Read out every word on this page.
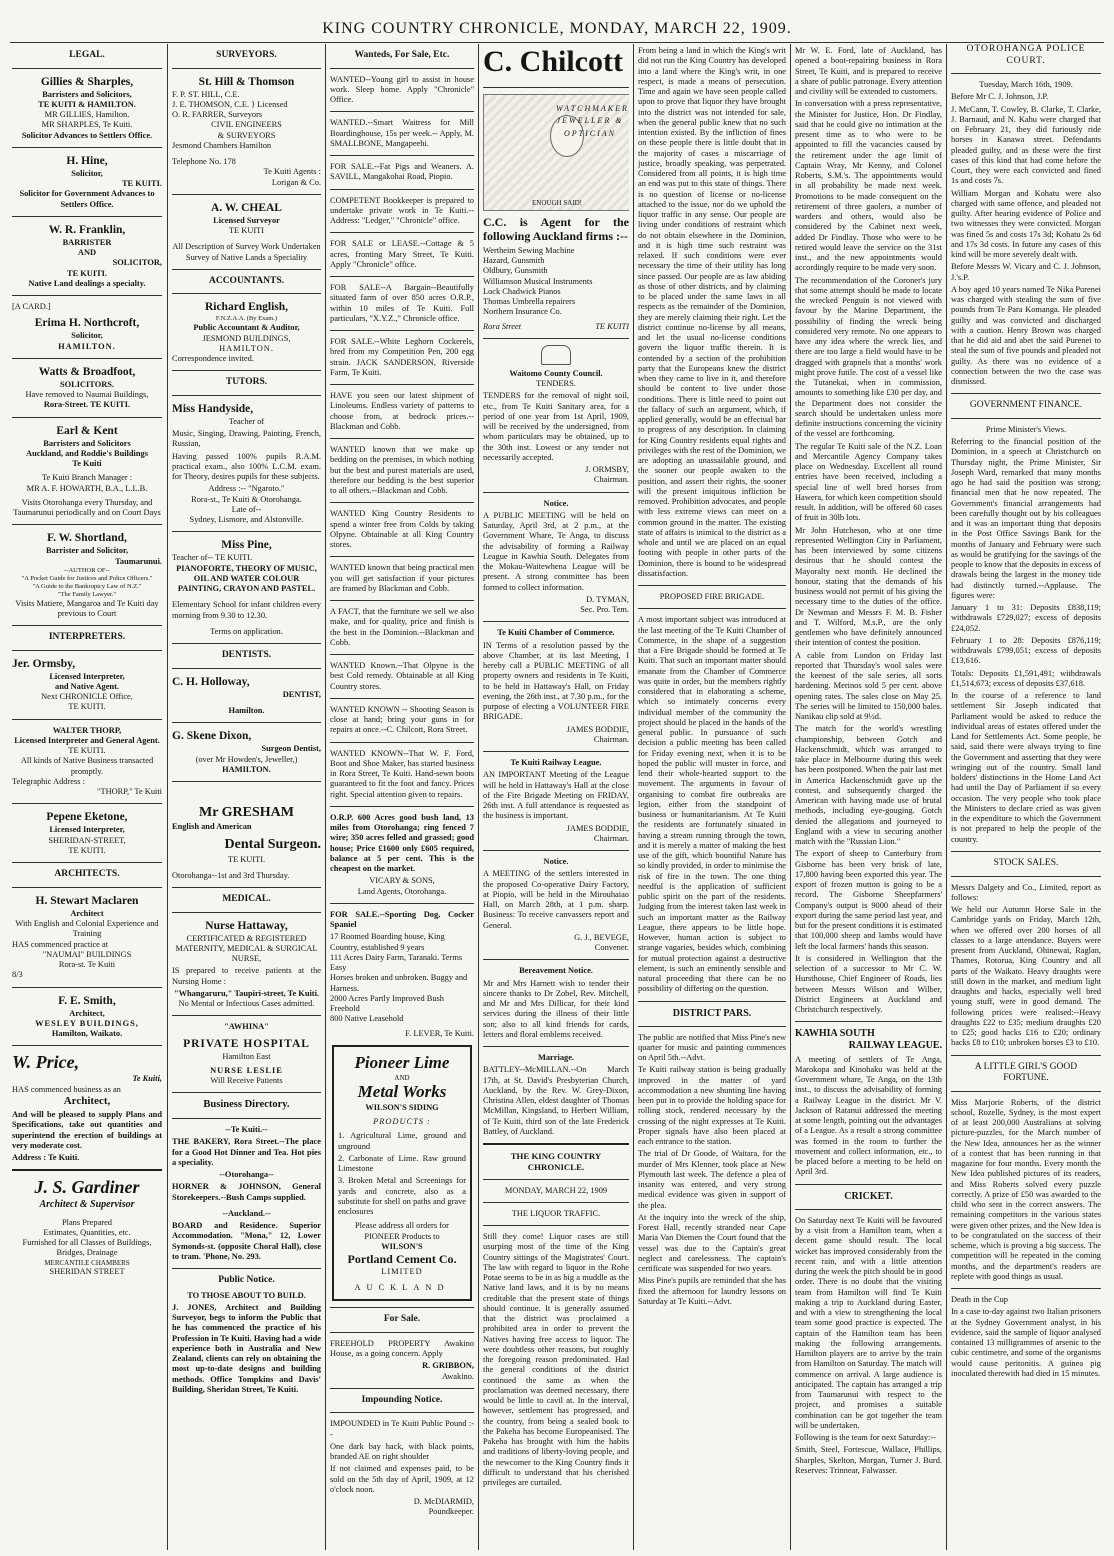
KING COUNTRY CHRONICLE, MONDAY, MARCH 22, 1909.
LEGAL.
Gillies & Sharples,
Barristers and Solicitors,
TE KUITI & HAMILTON.
MR GILLIES, Hamilton.
MR SHARPLES, Te Kuiti.
Solicitor Advances to Settlers Office.
H. Hine,
Solicitor,
TE KUITI.
Solicitor for Government Advances to Settlers Office.
W. R. Franklin,
BARRISTER
AND
SOLICITOR,
TE KUITI.
Native Land dealings a specialty.
[A CARD.]
Erima H. Northcroft,
Solicitor,
HAMILTON.
Watts & Broadfoot,
SOLICITORS.
Have removed to Naumai Buildings,
Rora-Street. TE KUITI.
Earl & Kent
Barristers and Solicitors
Auckland, and Roddie's Buildings
Te Kuiti
Te Kuiti Branch Manager :
MR A. F. HOWARTH, B.A., L.L.B.
Visits Otorohanga every Thursday, and Taumarunui periodically and on Court Days
F. W. Shortland,
Barrister and Solicitor,
Taumarunui.
--AUTHOR OF--
"A Pocket Guide for Justices and Police Officers."
"A Guide to the Bankruptcy Law of N.Z."
"The Family Lawyer."
Visits Matiere, Mangaroa and Te Kuiti day previous to Court
INTERPRETERS.
Jer. Ormsby,
Licensed Interpreter,
and Native Agent.
Next CHRONICLE Office,
TE KUITI.
WALTER THORP,
Licensed Interpreter and General Agent.
TE KUITI.
All kinds of Native Business transacted promptly.
Telegraphic Address :
"THORP," Te Kuiti
Pepene Eketone,
Licensed Interpreter,
SHERIDAN-STREET,
TE KUITI.
ARCHITECTS.
H. Stewart Maclaren
Architect
With English and Colonial Experience and Training
HAS commenced practice at
"NAUMAI" BUILDINGS
Rora-st. Te Kuiti
8/3
F. E. Smith,
Architect,
WESLEY BUILDINGS,
Hamilton, Waikato.
W. Price,
Te Kuiti,
HAS commenced business as an
Architect,

And will be pleased to supply Plans and Specifications, take out quantities and superintend the erection of buildings at very moderate cost.

Address : Te Kuiti.
J. S. Gardiner
Architect & Supervisor
Plans Prepared
Estimates, Quantities, etc.
Furnished for all Classes of Buildings, Bridges, Drainage
MERCANTILE CHAMBERS
SHERIDAN STREET
SURVEYORS.
St. Hill & Thomson
F. P. ST. HILL, C.E.
J. E. THOMSON, C.E. } Licensed
O. R. FARRER, Surveyors
CIVIL ENGINEERS
& SURVEYORS
Jesmond Chambers Hamilton
Telephone No. 178
Te Kuiti Agents :
Lorigan & Co.
A. W. CHEAL
Licensed Surveyor
TE KUITI
All Description of Survey Work Undertaken
Survey of Native Lands a Speciality
ACCOUNTANTS.
Richard English,
F.N.Z.A.A. (By Exam.)
Public Accountant & Auditor,
JESMOND BUILDINGS,
HAMILTON.
Correspondence invited.
TUTORS.
Miss Handyside,
Teacher of

Music, Singing, Drawing, Painting, French, Russian,

Having passed 100% pupils R.A.M. practical exam., also 100% L.C.M. exam. for Theory, desires pupils for these subjects.

Address :-- "Ngaroto."
Rora-st., Te Kuiti & Otorohanga.
Late of--
Sydney, Lismore, and Alstonville.
Miss Pine,
Teacher of-- TE KUITI.
PIANOFORTE, THEORY OF MUSIC, OIL AND WATER COLOUR PAINTING, CRAYON AND PASTEL.

Elementary School for infant children every morning from 9.30 to 12.30.

Terms on application.
DENTISTS.
C. H. Holloway,
DENTIST,
Hamilton.
G. Skene Dixon,
Surgeon Dentist,
(over Mr Howden's, Jeweller,)
HAMILTON.
Mr GRESHAM
English and American
Dental Surgeon.
TE KUITI.
Otorohanga--1st and 3rd Thursday.
MEDICAL.
Nurse Hattaway,
CERTIFICATED & REGISTERED
MATERNITY, MEDICAL & SURGICAL NURSE,

IS prepared to receive patients at the Nursing Home :

"Whangaruru," Taupiri-street, Te Kuiti.
No Mental or Infectious Cases admitted.
"AWHINA"
PRIVATE HOSPITAL
Hamilton East
NURSE LESLIE
Will Receive Patients
Business Directory.
--Te Kuiti.--

THE BAKERY, Rora Street.--The place for a Good Hot Dinner and Tea. Hot pies a speciality.

--Otorohanga--

HORNER & JOHNSON, General Storekeepers.--Bush Camps supplied.

--Auckland.--

BOARD and Residence. Superior Accommodation. "Mona," 12, Lower Symonds-st. (opposite Choral Hall), close to tram. 'Phone, No. 293.

Public Notice.
TO THOSE ABOUT TO BUILD.

J. JONES, Architect and Building Surveyor, begs to inform the Public that he has commenced the practice of his Profession in Te Kuiti. Having had a wide experience both in Australia and New Zealand, clients can rely on obtaining the most up-to-date designs and building methods. Office Tompkins and Davis' Building, Sheridan Street, Te Kuiti.

Wanteds, For Sale, Etc.

WANTED--Young girl to assist in house work. Sleep home. Apply "Chronicle" Office.

WANTED.--Smart Waitress for Mill Boardinghouse, 15s per week.-- Apply, M. SMALLBONE, Mangapeehi.

FOR SALE.--Fat Pigs and Weaners. A. SAVILL, Mangakohai Road, Piopio.

COMPETENT Bookkeeper is prepared to undertake private work in Te Kuiti.-- Address: "Ledger," "Chronicle" office.

FOR SALE or LEASE.--Cottage & 5 acres, fronting Mary Street, Te Kuiti. Apply "Chronicle" office.

FOR SALE--A Bargain--Beautifully situated farm of over 850 acres O.R.P., within 10 miles of Te Kuiti. Full particulars, "X.Y.Z.," Chronicle office.

FOR SALE.--White Leghorn Cockerels, bred from my Competition Pen, 200 egg strain. JACK SANDERSON, Riverside Farm, Te Kuiti.

HAVE you seen our latest shipment of Linoleums. Endless variety of patterns to choose from, at bedrock prices.--Blackman and Cobb.

WANTED known that we make up bedding on the premises, in which nothing but the best and purest materials are used, therefore our bedding is the best superior to all others.--Blackman and Cobb.

WANTED King Country Residents to spend a winter free from Colds by taking Olpyne. Obtainable at all King Country stores.

WANTED known that being practical men you will get satisfaction if your pictures are framed by Blackman and Cobb.

A FACT, that the furniture we sell we also make, and for quality, price and finish is the best in the Dominion.--Blackman and Cobb.

WANTED Known.--That Olpyne is the best Cold remedy. Obtainable at all King Country stores.

WANTED KNOWN -- Shooting Season is close at hand; bring your guns in for repairs at once.--C. Chilcott, Rora Street.

WANTED KNOWN--That W. F. Ford, Boot and Shoe Maker, has started business in Rora Street, Te Kuiti. Hand-sewn boots guaranteed to fit the foot and fancy. Prices right. Special attention given to repairs.

O.R.P. 600 Acres good bush land, 13 miles from Otorohanga; ring fenced 7 wire; 350 acres felled and grassed; good house; Price £1600 only £605 required, balance at 5 per cent. This is the cheapest on the market.

VICARY & SONS,
Land Agents, Otorohanga.

FOR SALE.--Sporting Dog, Cocker Spaniel

17 Roomed Boarding house, King Country, established 9 years
111 Acres Dairy Farm, Taranaki. Terms Easy
Horses broken and unbroken. Buggy and Harness.
2000 Acres Partly Improved Bush Freehold
800 Native Leasehold
F. LEVER, Te Kuiti.
Pioneer Lime
AND
Metal Works
WILSON'S SIDING
PRODUCTS :

1. Agricultural Lime, ground and unground

2. Carbonate of Lime. Raw ground Limestone

3. Broken Metal and Screenings for yards and concrete, also as a substitute for shell on paths and grave enclosures

Please address all orders for PIONEER Products to
WILSON'S
Portland Cement Co.
LIMITED
AUCKLAND
For Sale.

FREEHOLD PROPERTY Awakino House, as a going concern. Apply

R. GRIBBON,
Awakino.
Impounding Notice.

IMPOUNDED in Te Kuiti Public Pound :--

One dark bay hack, with black points, branded AE on right shoulder

If not claimed and expenses paid, to be sold on the 5th day of April, 1909, at 12 o'clock noon.

D. McDIARMID,
Poundkeeper.
C. Chilcott
WATCHMAKER
JEWELLER &
OPTICIAN
ENOUGH SAID!

C.C. is Agent for the following Auckland firms :--

Wertheim Sewing Machine
Hazard, Gunsmith
Oldbury, Gunsmith
Williamson Musical Instruments
Lock Chadwick Pianos
Thomas Umbrella repairers
Northern Insurance Co.
Rora Street	TE KUITI
Waitomo County Council.
TENDERS.

TENDERS for the removal of night soil, etc., from Te Kuiti Sanitary area, for a period of one year from 1st April, 1909, will be received by the undersigned, from whom particulars may be obtained, up to the 30th inst. Lowest or any tender not necessarily accepted.

J. ORMSBY,
Chairman.
Notice.

A PUBLIC MEETING will be held on Saturday, April 3rd, at 2 p.m., at the Government Whare, Te Anga, to discuss the advisability of forming a Railway League in Kawhia South. Delegates from the Mokau-Waitewhena League will be present. A strong committee has been formed to collect information.

D. TYMAN,
Sec. Pro. Tem.
Te Kuiti Chamber of Commerce.

IN Terms of a resolution passed by the above Chamber, at its last Meeting, I hereby call a PUBLIC MEETING of all property owners and residents in Te Kuiti, to be held in Hattaway's Hall, on Friday evening, the 26th inst., at 7.30 p.m., for the purpose of electing a VOLUNTEER FIRE BRIGADE.

JAMES BODDIE,
Chairman.
Te Kuiti Railway League.

AN IMPORTANT Meeting of the League will be held in Hattaway's Hall at the close of the Fire Brigade Meeting on FRIDAY, 26th inst. A full attendance is requested as the business is important.

JAMES BODDIE,
Chairman.
Notice.

A MEETING of the settlers interested in the proposed Co-operative Dairy Factory, at Piopio, will be held in the Mirouhaiao Hall, on March 28th, at 1 p.m. sharp. Business: To receive canvassers report and General.

G. J., BEVEGE,
Convener.
Bereavement Notice.

Mr and Mrs Harnett wish to tender their sincere thanks to Dr Zobel, Rev. Mitchell, and Mr and Mrs Dillicar, for their kind services during the illness of their little son; also to all kind friends for cards, letters and floral emblems received.

Marriage.

BATTLEY--McMILLAN.--On March 17th, at St. David's Presbyterian Church, Auckland, by the Rev. W. Grey-Dixon, Christina Allen, eldest daughter of Thomas McMillan, Kingsland, to Herbert William, of Te Kuiti, third son of the late Frederick Battley, of Auckland.

THE KING COUNTRY CHRONICLE.
MONDAY, MARCH 22, 1909
THE LIQUOR TRAFFIC.

Still they come! Liquor cases are still usurping most of the time of the King Country sittings of the Magistrates' Court. The law with regard to liquor in the Rohe Potae seems to be in as big a muddle as the Native land laws, and it is by no means creditable that the present state of things should continue. It is generally assumed that the district was proclaimed a prohibited area in order to prevent the Natives having free access to liquor. The were doubtless other reasons, but roughly the foregoing reason predominated. Had the general conditions of the district continued the same as when the proclamation was deemed necessary, there would be little to cavil at. In the interval, however, settlement has progressed, and the country, from being a sealed book to the Pakeha has become Europeanised. The Pakeha has brought with him the habits and traditions of liberty-loving people, and the newcomer to the King Country finds it difficult to understand that his cherished privileges are curtailed.

From being a land in which the King's writ did not run the King Country has developed into a land where the King's writ, in one respect, is made a means of persecution. Time and again we have seen people called upon to prove that liquor they have brought into the district was not intended for sale, when the general public knew that no such intention existed. By the infliction of fines on these people there is little doubt that in the majority of cases a miscarriage of justice, broadly speaking, was perpetrated. Considered from all points, it is high time an end was put to this state of things. There is no question of license or no-license attached to the issue, nor do we uphold the liquor traffic in any sense. Our people are living under conditions of restraint which do not obtain elsewhere in the Dominion, and it is high time such restraint was relaxed. If such conditions were ever necessary the time of their utility has long since passed. Our people are as law abiding as those of other districts, and by claiming to be placed under the same laws in all respects as the remainder of the Dominion, they are merely claiming their right. Let the district continue no-license by all means, and let the usual no-license conditions govern the liquor traffic therein. It is contended by a section of the prohibition party that the Europeans knew the district when they came to live in it, and therefore should be content to live under those conditions. There is little need to point out the fallacy of such an argument, which, if applied generally, would be an effectual bar to progress of any description. In claiming for King Country residents equal rights and privileges with the rest of the Dominion, we are adopting an unassailable ground, and the sooner our people awaken to the position, and assert their rights, the sooner will the present iniquitous infliction be removed. Prohibition advocates, and people with less extreme views can meet on a common ground in the matter. The existing state of affairs is inimical to the district as a whole and until we are placed on an equal footing with people in other parts of the Dominion, there is bound to be widespread dissatisfaction.

PROPOSED FIRE BRIGADE.

A most important subject was introduced at the last meeting of the Te Kuiti Chamber of Commerce, in the shape of a suggestion that a Fire Brigade should be formed at Te Kuiti. That such an important matter should emanate from the Chamber of Commerce was quite in order, but the members rightly considered that in elaborating a scheme, which so intimately concerns every individual member of the community the project should be placed in the hands of the general public. In pursuance of such decision a public meeting has been called for Friday evening next, when it is to be hoped the public will muster in force, and lend their whole-hearted support to the movement. The arguments in favour of organising to combat fire outbreaks are legion, either from the standpoint of business or humanitarianism. At Te Kuiti the residents are fortunately situated in having a stream running through the town, and it is merely a matter of making the best use of the gift, which bountiful Nature has so kindly provided, in order to minimise the risk of fire in the town. The one thing needful is the application of sufficient public spirit on the part of the residents. Judging from the interest taken last week in such an important matter as the Railway League, there appears to be little hope. However, human action is subject to strange vagaries, besides which, combining for mutual protection against a destructive element, is such an eminently sensible and natural proceeding that there can be no possibility of differing on the question.

DISTRICT PARS.

The public are notified that Miss Pine's new quarter for music and painting commences on April 5th.--Advt.

Te Kuiti railway station is being gradually improved in the matter of yard accommodation a new shunting line having been put in to provide the holding space for rolling stock, rendered necessary by the crossing of the night expresses at Te Kuiti. Proper signals have also been placed at each entrance to the station.

The trial of Dr Goode, of Waitara, for the murder of Mrs Klenner, took place at New Plymouth last week. The defence a plea of insanity was entered, and very strong medical evidence was given in support of the plea.

At the inquiry into the wreck of the ship, Forest Hall, recently stranded near Cape Maria Van Diemen the Court found that the vessel was due to the Captain's great neglect and carelessness. The captain's certificate was suspended for two years.

Miss Pine's pupils are reminded that she has fixed the afternoon for laundry lessons on Saturday at Te Kuiti.--Advt.

Mr W. E. Ford, late of Auckland, has opened a boot-repairing business in Rora Street, Te Kuiti, and is prepared to receive a share of public patronage. Every attention and civility will be extended to customers.

In conversation with a press representative, the Minister for Justice, Hon. Dr Findlay, said that he could give no intimation at the present time as to who were to be appointed to fill the vacancies caused by the retirement under the age limit of Captain Wray, Mr Kenny, and Colonel Roberts, S.M.'s. The appointments would in all probability be made next week. Promotions to be made consequent on the retirement of three gaolers, a number of warders and others, would also be considered by the Cabinet next week, added Dr Findlay. Those who were to be retired would leave the service on the 31st inst., and the new appointments would accordingly require to be made very soon.

The recommendation of the Coroner's jury that some attempt should be made to locate the wrecked Penguin is not viewed with favour by the Marine Department, the possibility of finding the wreck being considered very remote. No one appears to have any idea where the wreck lies, and there are too large a field would have to be dragged with grapnels that a months' work might prove futile. The cost of a vessel like the Tutanekai, when in commission, amounts to something like £30 per day, and the Department does not consider the search should be undertaken unless more definite instructions concerning the vicinity of the vessel are forthcoming.

The regular Te Kuiti sale of the N.Z. Loan and Mercantile Agency Company takes place on Wednesday. Excellent all round entries have been received, including a special line of well bred horses from Hawera, for which keen competition should result. In addition, will be offered 60 cases of fruit in 30lb lots.

Mr John Hutcheson, who at one time represented Wellington City in Parliament, has been interviewed by some citizens desirous that he should contest the Mayoralty next month. He declined the honour, stating that the demands of his business would not permit of his giving the necessary time to the duties of the office. Dr Newman and Messrs F. M. B. Fisher and T. Wilford, M.s.P., are the only gentlemen who have definitely announced their intention of contest the position.

A cable from London on Friday last reported that Thursday's wool sales were the keenest of the sale series, all sorts hardening. Merinos sold 5 per cent. above opening rates. The sales close on May 25. The series will be limited to 150,000 bales. Nanikau clip sold at 9½d.

The match for the world's wrestling championship, between Gotch and Hackenschmidt, which was arranged to take place in Melbourne during this week has been postponed. When the pair last met in America Hackenschmidt gave up the contest, and subsequently charged the American with having made use of brutal methods, including eye-gouging. Gotch denied the allegations and journeyed to England with a view to securing another match with the "Russian Lion."

The export of sheep to Canterbury from Gisborne has been very brisk of late, 17,800 having been exported this year. The export of frozen mutton is going to be a record. The Gisborne Sheepfarmers' Company's output is 9000 ahead of their export during the same period last year, and but for the present conditions it is estimated that 100,000 sheep and lambs would have left the local farmers' hands this season.

It is considered in Wellington that the selection of a successor to Mr C. W. Hursthouse, Chief Engineer of Roads, lies between Messrs Wilson and Wilber, District Engineers at Auckland and Christchurch respectively.

KAWHIA SOUTH
RAILWAY LEAGUE.

A meeting of settlers of Te Anga, Marokopa and Kinohaku was held at the Government whare, Te Anga, on the 13th inst., to discuss the advisability of forming a Railway League in the district. Mr V. Jackson of Ratanui addressed the meeting at some length, pointing out the advantages of a League. As a result a strong committee was formed in the room to further the movement and collect information, etc., to be placed before a meeting to be held on April 3rd.

CRICKET.

On Saturday next Te Kuiti will be favoured by a visit from a Hamilton team, when a decent game should result. The local wicket has improved considerably from the recent rain, and with a little attention during the week the pitch should be in good order. There is no doubt that the visiting team from Hamilton will find Te Kuiti making a trip to Auckland during Easter, and with a view to strengthening the local team some good practice is expected. The captain of the Hamilton team has been making the following arrangements. Hamilton players are to arrive by the train from Hamilton on Saturday. The match will commence on arrival. A large audience is anticipated. The captain has arranged a trip from Taumarunui with respect to the project, and promises a suitable combination can be got together the team will be undertaken.

Following is the team for next Saturday:--

Smith, Steel, Fortescue, Wallace, Phillips, Sharples, Skelton, Morgan, Turner J. Burd. Reserves: Trinnear, Falwasser.

OTOROHANGA POLICE COURT.
Tuesday, March 16th, 1909.

Before Mr C. J. Johnson, J.P.

J. McCann, T. Cowley, B. Clarke, T. Clarke, J. Barnaud, and N. Kahu were charged that on February 21, they did furiously ride horses in Kanawa street. Defendants pleaded guilty, and as these were the first cases of this kind that had come before the Court, they were each convicted and fined 1s and costs 7s.

William Morgan and Kohatu were also charged with same offence, and pleaded not guilty. After hearing evidence of Police and two witnesses they were convicted. Morgan was fined 5s and costs 17s 3d; Kohatu 2s 6d and 17s 3d costs. In future any cases of this kind will be more severely dealt with.

Before Messrs W. Vicary and C. J. Johnson, J.'s.P.

A boy aged 10 years named Te Nika Purenei was charged with stealing the sum of five pounds from Te Para Komanga. He pleaded guilty and was convicted and discharged with a caution. Henry Brown was charged that he did aid and abet the said Purenei to steal the sum of five pounds and pleaded not guilty. As there was no evidence of a connection between the two the case was dismissed.

GOVERNMENT FINANCE.
Prime Minister's Views.

Referring to the financial position of the Dominion, in a speech at Christchurch on Thursday night, the Prime Minister, Sir Joseph Ward, remarked that many months ago he had said the position was strong; financial men that he now repeated. The Government's financial arrangements had been carefully thought out by his colleagues and it was an important thing that deposits in the Post Office Savings Bank for the months of January and February were such as would be gratifying for the savings of the people to know that the deposits in excess of drawals being the largest in the money tide had distinctly turned.--Applause. The figures were:

January 1 to 31: Deposits £838,119; withdrawals £729,027; excess of deposits £24,052.

February 1 to 28: Deposits £876,119; withdrawals £799,051; excess of deposits £13,616.

Totals: Deposits £1,591,491; withdrawals £1,514,673; excess of deposits £37,618.

In the course of a reference to land settlement Sir Joseph indicated that Parliament would be asked to reduce the individual areas of estates offered under the Land for Settlements Act. Some people, he said, said there were always trying to fine the Government and asserting that they were wringing out of the country. Small land holders' distinctions in the Home Land Act had until the Day of Parliament if so every occasion. The very people who took place the Ministers to declare cried as was given in the expenditure to which the Government is not prepared to help the people of the country.

STOCK SALES.

Messrs Dalgety and Co., Limited, report as follows:

We held our Autumn Horse Sale in the Cambridge yards on Friday, March 12th, when we offered over 200 horses of all classes to a large attendance. Buyers were present from Auckland, Ohinewai, Raglan, Thames, Rotorua, King Country and all parts of the Waikato. Heavy draughts were still down in the market, and medium light draughts and hacks, especially well bred young stuff, were in good demand. The following prices were realised:--Heavy draughts £22 to £35; medium draughts £20 to £25; good hacks £16 to £20; ordinary hacks £8 to £10; unbroken horses £3 to £10.

A LITTLE GIRL'S GOOD FORTUNE.

Miss Marjorie Roberts, of the district school, Rozelle, Sydney, is the most expert of at least 200,000 Australians at solving picture-puzzles, for the March number of the New Idea, announces her as the winner of a contest that has been running in that magazine for four months. Every month the New Idea published pictures of its readers, and Miss Roberts solved every puzzle correctly. A prize of £50 was awarded to the child who sent in the correct answers. The remaining competitors in the various states were given other prizes, and the New Idea is to be congratulated on the success of their scheme, which is proving a big success. The competition will be repeated in the coming months, and the department's readers are replete with good things as usual.

Death in the Cup

In a case to-day against two Italian prisoners at the Sydney Government analyst, in his evidence, said the sample of liquor analysed contained 13 milligrammes of arsenic to the cubic centimetre, and some of the organisms would cause peritonitis. A guinea pig inoculated therewith had died in 15 minutes.
